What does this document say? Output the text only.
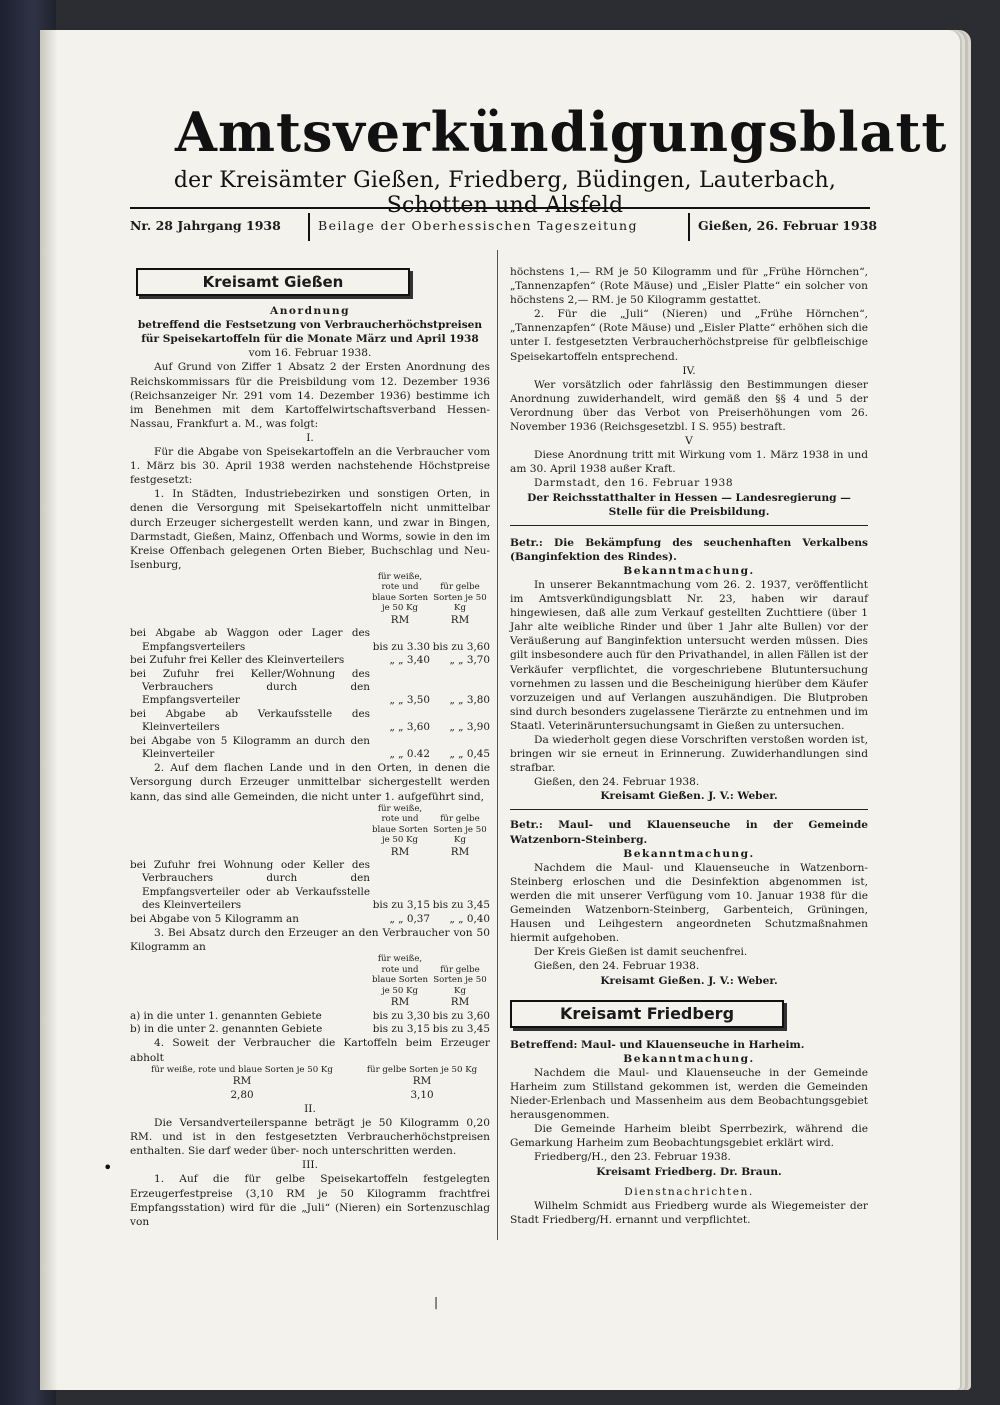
Amtsverkündigungsblatt
der Kreisämter Gießen, Friedberg, Büdingen, Lauterbach, Schotten und Alsfeld
Nr. 28 Jahrgang 1938	Beilage der Oberhessischen Tageszeitung	Gießen, 26. Februar 1938
Kreisamt Gießen

Anordnung

betreffend die Festsetzung von Verbraucherhöchstpreisen

für Speisekartoffeln für die Monate März und April 1938

vom 16. Februar 1938.

Auf Grund von Ziffer 1 Absatz 2 der Ersten Anordnung des Reichskommissars für die Preisbildung vom 12. Dezember 1936 (Reichsanzeiger Nr. 291 vom 14. Dezember 1936) bestimme ich im Benehmen mit dem Kartoffelwirtschaftsverband Hessen-Nassau, Frankfurt a. M., was folgt:

I.

Für die Abgabe von Speisekartoffeln an die Verbraucher vom 1. März bis 30. April 1938 werden nachstehende Höchstpreise festgesetzt:

1. In Städten, Industriebezirken und sonstigen Orten, in denen die Versorgung mit Speisekartoffeln nicht unmittelbar durch Erzeuger sichergestellt werden kann, und zwar in Bingen, Darmstadt, Gießen, Mainz, Offenbach und Worms, sowie in den im Kreise Offenbach gelegenen Orten Bieber, Buchschlag und Neu-Isenburg,

	für weiße, rote und blaue Sorten je 50 Kg	für gelbe Sorten je 50 Kg
	RM	RM
bei Abgabe ab Waggon oder Lager des Empfangsverteilers	bis zu 3.30	bis zu 3,60
bei Zufuhr frei Keller des Kleinverteilers	„ „ 3,40	„ „ 3,70
bei Zufuhr frei Keller/Wohnung des Verbrauchers durch den Empfangsverteiler	„ „ 3,50	„ „ 3,80
bei Abgabe ab Verkaufsstelle des Kleinverteilers	„ „ 3,60	„ „ 3,90
bei Abgabe von 5 Kilogramm an durch den Kleinverteiler	„ „ 0.42	„ „ 0,45

2. Auf dem flachen Lande und in den Orten, in denen die Versorgung durch Erzeuger unmittelbar sichergestellt werden kann, das sind alle Gemeinden, die nicht unter 1. aufgeführt sind,

	für weiße, rote und blaue Sorten je 50 Kg	für gelbe Sorten je 50 Kg
	RM	RM
bei Zufuhr frei Wohnung oder Keller des Verbrauchers durch den Empfangsverteiler oder ab Verkaufsstelle des Kleinverteilers	bis zu 3,15	bis zu 3,45
bei Abgabe von 5 Kilogramm an	„ „ 0,37	„ „ 0,40

3. Bei Absatz durch den Erzeuger an den Verbraucher von 50 Kilogramm an

	für weiße, rote und blaue Sorten je 50 Kg	für gelbe Sorten je 50 Kg
	RM	RM
a) in die unter 1. genannten Gebiete	bis zu 3,30	bis zu 3,60
b) in die unter 2. genannten Gebiete	bis zu 3,15	bis zu 3,45

4. Soweit der Verbraucher die Kartoffeln beim Erzeuger abholt

	für weiße, rote und blaue Sorten je 50 Kg	für gelbe Sorten je 50 Kg
	RM	RM
	2,80	3,10

II.

Die Versandverteilerspanne beträgt je 50 Kilogramm 0,20 RM. und ist in den festgesetzten Verbraucherhöchstpreisen enthalten. Sie darf weder über- noch unterschritten werden.

III.

1. Auf die für gelbe Speisekartoffeln festgelegten Erzeugerfestpreise (3,10 RM je 50 Kilogramm frachtfrei Empfangsstation) wird für die „Juli“ (Nieren) ein Sortenzuschlag von

höchstens 1,— RM je 50 Kilogramm und für „Frühe Hörnchen“, „Tannenzapfen“ (Rote Mäuse) und „Eisler Platte“ ein solcher von höchstens 2,— RM. je 50 Kilogramm gestattet.

2. Für die „Juli“ (Nieren) und „Frühe Hörnchen“, „Tannenzapfen“ (Rote Mäuse) und „Eisler Platte“ erhöhen sich die unter I. festgesetzten Verbraucherhöchstpreise für gelbfleischige Speisekartoffeln entsprechend.

IV.

Wer vorsätzlich oder fahrlässig den Bestimmungen dieser Anordnung zuwiderhandelt, wird gemäß den §§ 4 und 5 der Verordnung über das Verbot von Preiserhöhungen vom 26. November 1936 (Reichsgesetzbl. I S. 955) bestraft.

V

Diese Anordnung tritt mit Wirkung vom 1. März 1938 in und am 30. April 1938 außer Kraft.

Darmstadt, den 16. Februar 1938

Der Reichsstatthalter in Hessen — Landesregierung —

Stelle für die Preisbildung.

Betr.: Die Bekämpfung des seuchenhaften Verkalbens (Banginfektion des Rindes).

Bekanntmachung.

In unserer Bekanntmachung vom 26. 2. 1937, veröffentlicht im Amtsverkündigungsblatt Nr. 23, haben wir darauf hingewiesen, daß alle zum Verkauf gestellten Zuchttiere (über 1 Jahr alte weibliche Rinder und über 1 Jahr alte Bullen) vor der Veräußerung auf Banginfektion untersucht werden müssen. Dies gilt insbesondere auch für den Privathandel, in allen Fällen ist der Verkäufer verpflichtet, die vorgeschriebene Blutuntersuchung vornehmen zu lassen und die Bescheinigung hierüber dem Käufer vorzuzeigen und auf Verlangen auszuhändigen. Die Blutproben sind durch besonders zugelassene Tierärzte zu entnehmen und im Staatl. Veterinäruntersuchungsamt in Gießen zu untersuchen.

Da wiederholt gegen diese Vorschriften verstoßen worden ist, bringen wir sie erneut in Erinnerung. Zuwiderhandlungen sind strafbar.

Gießen, den 24. Februar 1938.

Kreisamt Gießen. J. V.: Weber.

Betr.: Maul- und Klauenseuche in der Gemeinde Watzenborn-Steinberg.

Bekanntmachung.

Nachdem die Maul- und Klauenseuche in Watzenborn-Steinberg erloschen und die Desinfektion abgenommen ist, werden die mit unserer Verfügung vom 10. Januar 1938 für die Gemeinden Watzenborn-Steinberg, Garbenteich, Grüningen, Hausen und Leihgestern angeordneten Schutzmaßnahmen hiermit aufgehoben.

Der Kreis Gießen ist damit seuchenfrei.

Gießen, den 24. Februar 1938.

Kreisamt Gießen. J. V.: Weber.

Kreisamt Friedberg

Betreffend: Maul- und Klauenseuche in Harheim.

Bekanntmachung.

Nachdem die Maul- und Klauenseuche in der Gemeinde Harheim zum Stillstand gekommen ist, werden die Gemeinden Nieder-Erlenbach und Massenheim aus dem Beobachtungsgebiet herausgenommen.

Die Gemeinde Harheim bleibt Sperrbezirk, während die Gemarkung Harheim zum Beobachtungsgebiet erklärt wird.

Friedberg/H., den 23. Februar 1938.

Kreisamt Friedberg. Dr. Braun.

Dienstnachrichten.

Wilhelm Schmidt aus Friedberg wurde als Wiegemeister der Stadt Friedberg/H. ernannt und verpflichtet.

•
|
